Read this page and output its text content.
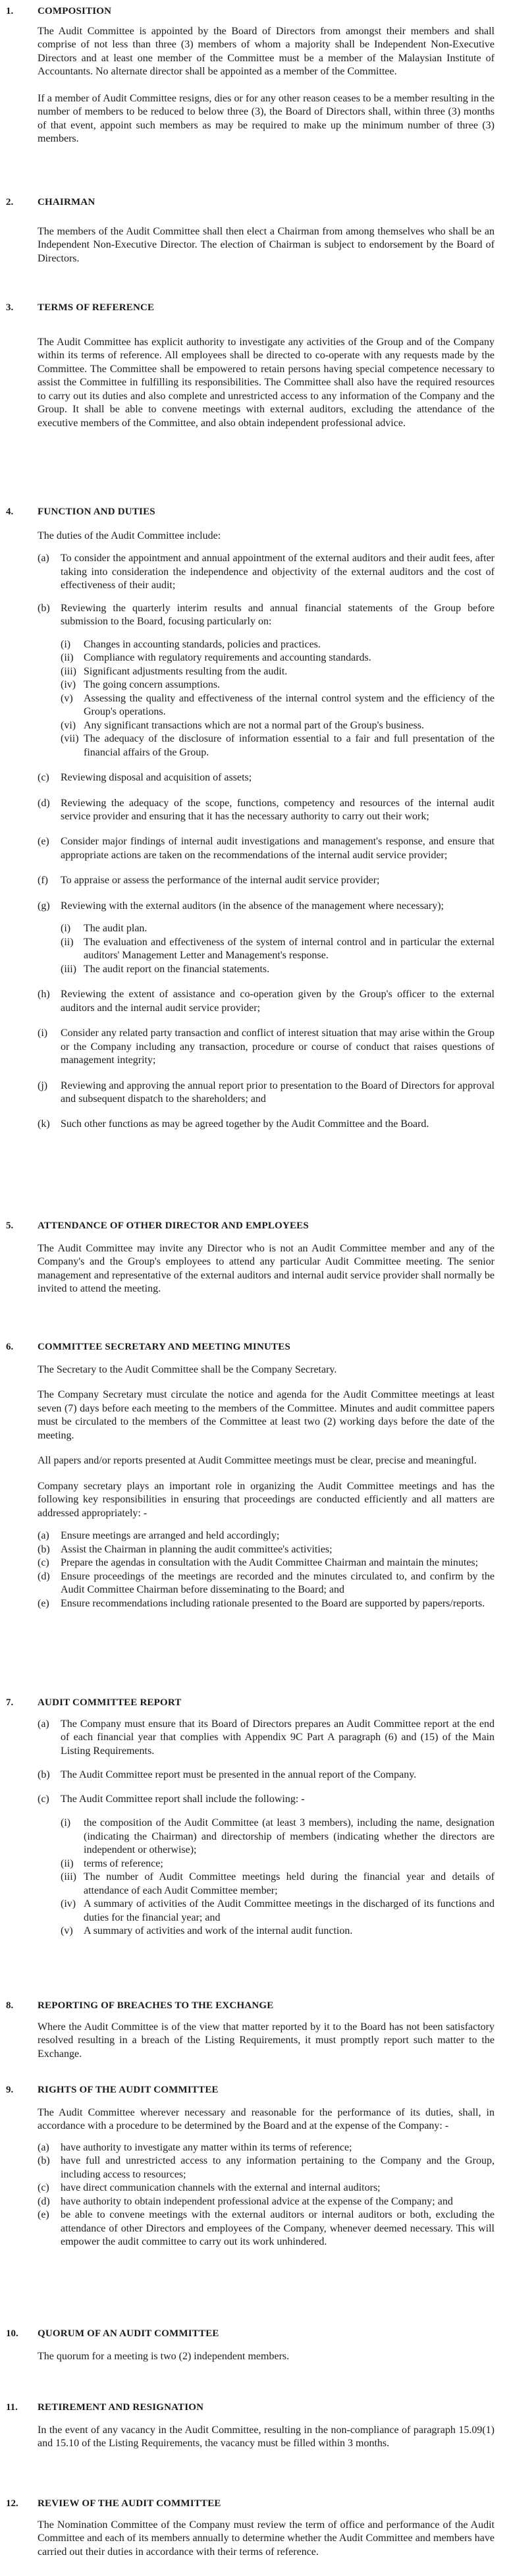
1. COMPOSITION

The Audit Committee is appointed by the Board of Directors from amongst their members and shall comprise of not less than three (3) members of whom a majority shall be Independent Non-Executive Directors and at least one member of the Committee must be a member of the Malaysian Institute of Accountants. No alternate director shall be appointed as a member of the Committee.

If a member of Audit Committee resigns, dies or for any other reason ceases to be a member resulting in the number of members to be reduced to below three (3), the Board of Directors shall, within three (3) months of that event, appoint such members as may be required to make up the minimum number of three (3) members.

2. CHAIRMAN

The members of the Audit Committee shall then elect a Chairman from among themselves who shall be an Independent Non-Executive Director. The election of Chairman is subject to endorsement by the Board of Directors.

3. TERMS OF REFERENCE

The Audit Committee has explicit authority to investigate any activities of the Group and of the Company within its terms of reference. All employees shall be directed to co-operate with any requests made by the Committee. The Committee shall be empowered to retain persons having special competence necessary to assist the Committee in fulfilling its responsibilities. The Committee shall also have the required resources to carry out its duties and also complete and unrestricted access to any information of the Company and the Group. It shall be able to convene meetings with external auditors, excluding the attendance of the executive members of the Committee, and also obtain independent professional advice.

4. FUNCTION AND DUTIES

The duties of the Audit Committee include:

(a) To consider the appointment and annual appointment of the external auditors and their audit fees, after taking into consideration the independence and objectivity of the external auditors and the cost of effectiveness of their audit;
(b) Reviewing the quarterly interim results and annual financial statements of the Group before submission to the Board, focusing particularly on:
(i) Changes in accounting standards, policies and practices.
(ii) Compliance with regulatory requirements and accounting standards.
(iii) Significant adjustments resulting from the audit.
(iv) The going concern assumptions.
(v) Assessing the quality and effectiveness of the internal control system and the efficiency of the Group's operations.
(vi) Any significant transactions which are not a normal part of the Group's business.
(vii) The adequacy of the disclosure of information essential to a fair and full presentation of the financial affairs of the Group.
(c) Reviewing disposal and acquisition of assets;
(d) Reviewing the adequacy of the scope, functions, competency and resources of the internal audit service provider and ensuring that it has the necessary authority to carry out their work;
(e) Consider major findings of internal audit investigations and management's response, and ensure that appropriate actions are taken on the recommendations of the internal audit service provider;
(f) To appraise or assess the performance of the internal audit service provider;
(g) Reviewing with the external auditors (in the absence of the management where necessary);
(i) The audit plan.
(ii) The evaluation and effectiveness of the system of internal control and in particular the external auditors' Management Letter and Management's response.
(iii) The audit report on the financial statements.
(h) Reviewing the extent of assistance and co-operation given by the Group's officer to the external auditors and the internal audit service provider;
(i) Consider any related party transaction and conflict of interest situation that may arise within the Group or the Company including any transaction, procedure or course of conduct that raises questions of management integrity;
(j) Reviewing and approving the annual report prior to presentation to the Board of Directors for approval and subsequent dispatch to the shareholders; and
(k) Such other functions as may be agreed together by the Audit Committee and the Board.
5. ATTENDANCE OF OTHER DIRECTOR AND EMPLOYEES

The Audit Committee may invite any Director who is not an Audit Committee member and any of the Company's and the Group's employees to attend any particular Audit Committee meeting. The senior management and representative of the external auditors and internal audit service provider shall normally be invited to attend the meeting.

6. COMMITTEE SECRETARY AND MEETING MINUTES

The Secretary to the Audit Committee shall be the Company Secretary.

The Company Secretary must circulate the notice and agenda for the Audit Committee meetings at least seven (7) days before each meeting to the members of the Committee. Minutes and audit committee papers must be circulated to the members of the Committee at least two (2) working days before the date of the meeting.

All papers and/or reports presented at Audit Committee meetings must be clear, precise and meaningful.

Company secretary plays an important role in organizing the Audit Committee meetings and has the following key responsibilities in ensuring that proceedings are conducted efficiently and all matters are addressed appropriately: -

(a) Ensure meetings are arranged and held accordingly;
(b) Assist the Chairman in planning the audit committee's activities;
(c) Prepare the agendas in consultation with the Audit Committee Chairman and maintain the minutes;
(d) Ensure proceedings of the meetings are recorded and the minutes circulated to, and confirm by the Audit Committee Chairman before disseminating to the Board; and
(e) Ensure recommendations including rationale presented to the Board are supported by papers/reports.
7. AUDIT COMMITTEE REPORT
(a) The Company must ensure that its Board of Directors prepares an Audit Committee report at the end of each financial year that complies with Appendix 9C Part A paragraph (6) and (15) of the Main Listing Requirements.
(b) The Audit Committee report must be presented in the annual report of the Company.
(c) The Audit Committee report shall include the following: -
(i) the composition of the Audit Committee (at least 3 members), including the name, designation (indicating the Chairman) and directorship of members (indicating whether the directors are independent or otherwise);
(ii) terms of reference;
(iii) The number of Audit Committee meetings held during the financial year and details of attendance of each Audit Committee member;
(iv) A summary of activities of the Audit Committee meetings in the discharged of its functions and duties for the financial year; and
(v) A summary of activities and work of the internal audit function.
8. REPORTING OF BREACHES TO THE EXCHANGE

Where the Audit Committee is of the view that matter reported by it to the Board has not been satisfactory resolved resulting in a breach of the Listing Requirements, it must promptly report such matter to the Exchange.

9. RIGHTS OF THE AUDIT COMMITTEE

The Audit Committee wherever necessary and reasonable for the performance of its duties, shall, in accordance with a procedure to be determined by the Board and at the expense of the Company: -

(a) have authority to investigate any matter within its terms of reference;
(b) have full and unrestricted access to any information pertaining to the Company and the Group, including access to resources;
(c) have direct communication channels with the external and internal auditors;
(d) have authority to obtain independent professional advice at the expense of the Company; and
(e) be able to convene meetings with the external auditors or internal auditors or both, excluding the attendance of other Directors and employees of the Company, whenever deemed necessary. This will empower the audit committee to carry out its work unhindered.
10. QUORUM OF AN AUDIT COMMITTEE

The quorum for a meeting is two (2) independent members.

11. RETIREMENT AND RESIGNATION

In the event of any vacancy in the Audit Committee, resulting in the non-compliance of paragraph 15.09(1) and 15.10 of the Listing Requirements, the vacancy must be filled within 3 months.

12. REVIEW OF THE AUDIT COMMITTEE

The Nomination Committee of the Company must review the term of office and performance of the Audit Committee and each of its members annually to determine whether the Audit Committee and members have carried out their duties in accordance with their terms of reference.
